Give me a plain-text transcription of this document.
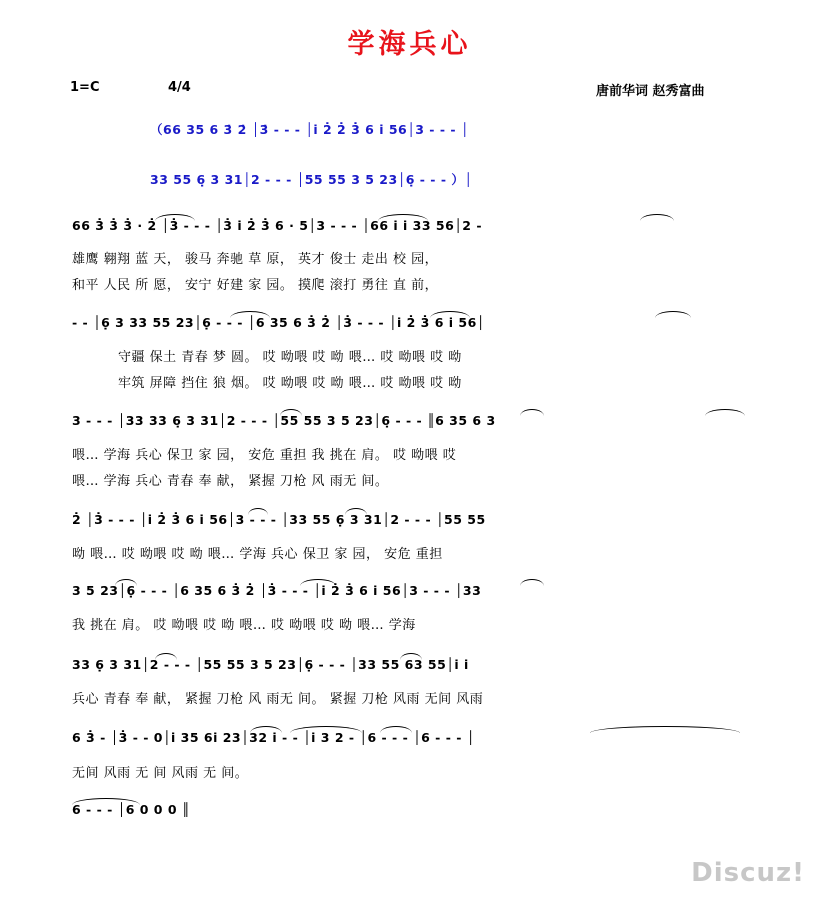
学海兵心
1=C	4/4	唐前华词 赵秀富曲
（66 35 6 3̇ 2̇ │3̇ - - - │i 2̇ 2̇ 3̇ 6 i 56│3 - - - │
33 55 6̣ 3 31│2 - - - │55 55 3 5 23│6̣ - - - ）│
66 3̇ 3̇ 3̇ · 2̇ │3̇ - - - │3̇ i 2̇ 3̇ 6 · 5│3 - - - │66 i i 33 56│2 -
雄鹰 翱翔 蓝 天， 骏马 奔驰 草 原， 英才 俊士 走出 校 园，
和平 人民 所 愿， 安宁 好建 家 园。 摸爬 滚打 勇往 直 前，
- - │6̣ 3 33 55 23│6̣ - - - │6 35 6 3̇ 2̇ │3̇ - - - │i 2̇ 3̇ 6 i 56│
守疆 保土 青春 梦 圆。 哎 呦喂 哎 呦 喂… 哎 呦喂 哎 呦
牢筑 屏障 挡住 狼 烟。 哎 呦喂 哎 呦 喂… 哎 呦喂 哎 呦
3 - - - │33 33 6̣ 3 31│2 - - - │55 55 3 5 23│6̣ - - - ║6 35 6 3
喂… 学海 兵心 保卫 家 园， 安危 重担 我 挑在 肩。 哎 呦喂 哎
喂… 学海 兵心 青春 奉 献， 紧握 刀枪 风 雨无 间。
2̇ │3̇ - - - │i 2̇ 3̇ 6 i 56│3 - - - │33 55 6̣ 3 31│2 - - - │55 55
呦 喂… 哎 呦喂 哎 呦 喂… 学海 兵心 保卫 家 园， 安危 重担
3 5 23│6̣ - - - │6 35 6 3̇ 2̇ │3̇ - - - │i 2̇ 3̇ 6 i 56│3 - - - │33
我 挑在 肩。 哎 呦喂 哎 呦 喂… 哎 呦喂 哎 呦 喂… 学海
33 6̣ 3 31│2 - - - │55 55 3 5 23│6̣ - - - │33 55 63 55│i i
兵心 青春 奉 献， 紧握 刀枪 风 雨无 间。 紧握 刀枪 风雨 无间 风雨
6 3̇ - │3̇ - - 0│i 35 6i 23│32 i - - │i 3 2 - │6 - - - │6 - - - │
无间 风雨 无 间 风雨 无 间。
6 - - - │6 0 0 0 ║
Discuz!
